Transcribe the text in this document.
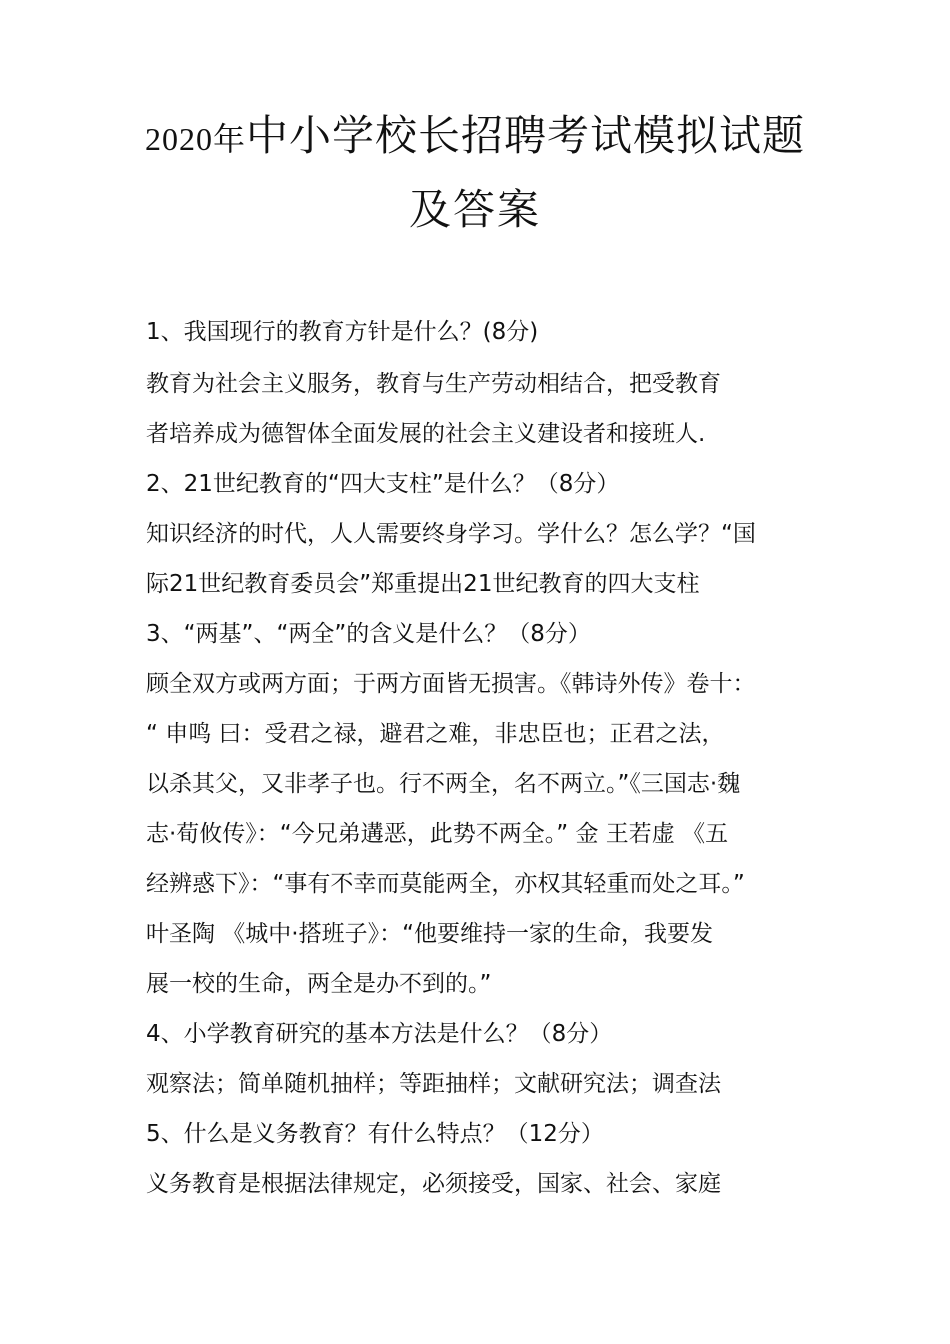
2020年中小学校长招聘考试模拟试题
及答案
1、我国现行的教育方针是什么？(8分)
教育为社会主义服务，教育与生产劳动相结合，把受教育
者培养成为德智体全面发展的社会主义建设者和接班人.
2、21世纪教育的“四大支柱”是什么？（8分）
知识经济的时代，人人需要终身学习。学什么？怎么学？“国
际21世纪教育委员会”郑重提出21世纪教育的四大支柱
3、“两基”、“两全”的含义是什么？（8分）
顾全双方或两方面；于两方面皆无损害。《韩诗外传》卷十：
“ 申鸣 曰：受君之禄，避君之难，非忠臣也；正君之法，
以杀其父，又非孝子也。行不两全，名不两立。”《三国志·魏
志·荀攸传》：“今兄弟遘恶，此势不两全。” 金 王若虚 《五
经辨惑下》：“事有不幸而莫能两全，亦权其轻重而处之耳。”
叶圣陶 《城中·搭班子》：“他要维持一家的生命，我要发
展一校的生命，两全是办不到的。”
4、小学教育研究的基本方法是什么？（8分）
观察法；简单随机抽样；等距抽样；文献研究法；调查法
5、什么是义务教育？有什么特点？（12分）
义务教育是根据法律规定，必须接受，国家、社会、家庭
